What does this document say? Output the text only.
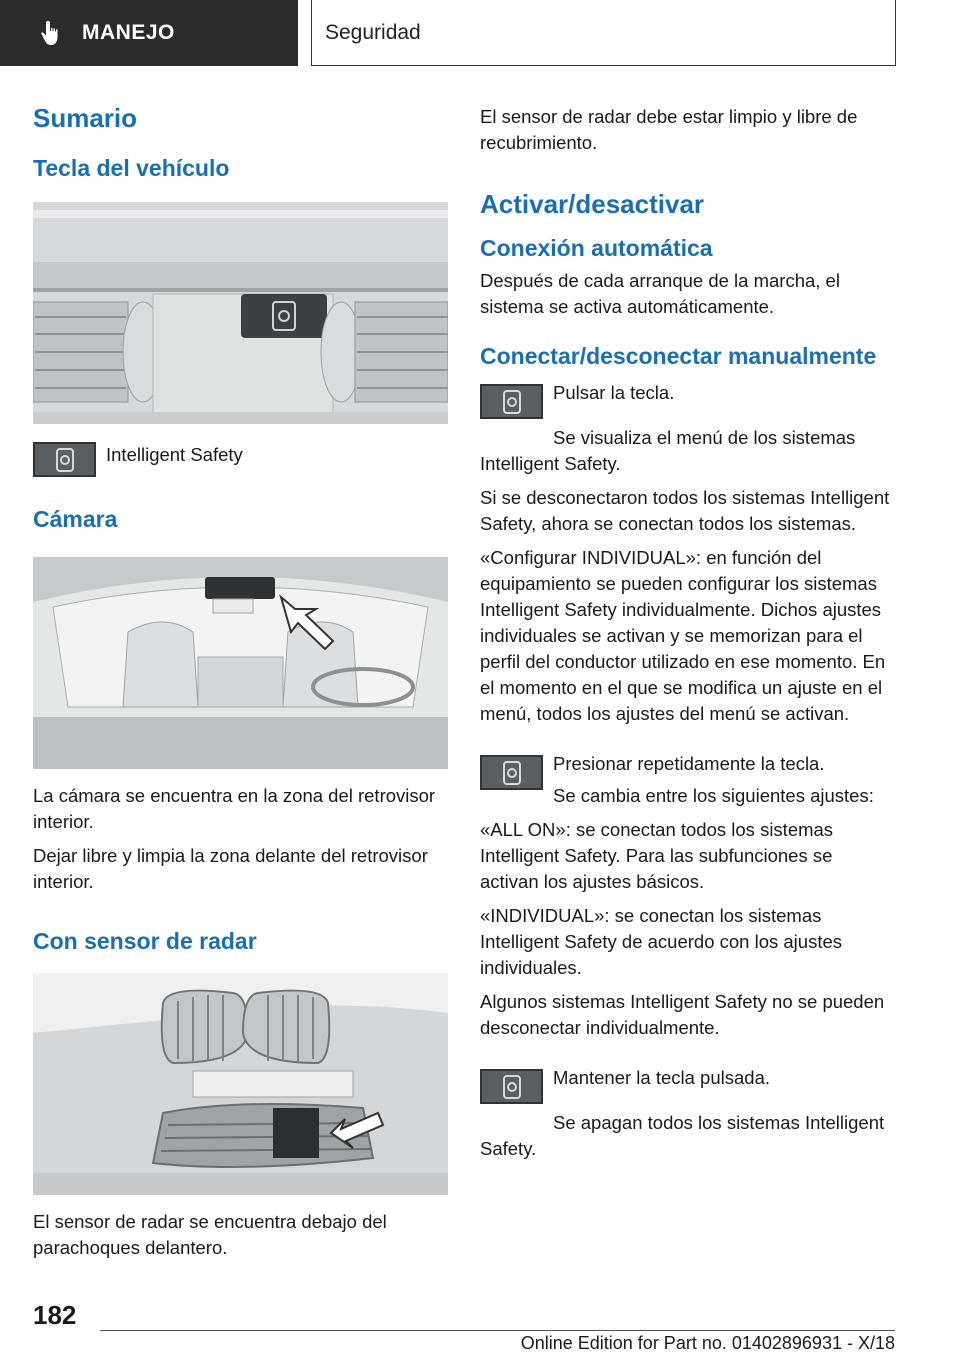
MANEJO	Seguridad
Sumario
Tecla del vehículo

Intelligent Safety

Cámara

La cámara se encuentra en la zona del retrovisor interior.

Dejar libre y limpia la zona delante del retrovisor interior.

Con sensor de radar

El sensor de radar se encuentra debajo del parachoques delantero.

El sensor de radar debe estar limpio y libre de recubrimiento.

Activar/desactivar
Conexión automática

Después de cada arranque de la marcha, el sistema se activa automáticamente.

Conectar/desconectar manualmente

Pulsar la tecla.

Se visualiza el menú de los sistemas Intelligent Safety.

Si se desconectaron todos los sistemas Intelligent Safety, ahora se conectan todos los sistemas.

«Configurar INDIVIDUAL»: en función del equipamiento se pueden configurar los sistemas Intelligent Safety individualmente. Dichos ajustes individuales se activan y se memorizan para el perfil del conductor utilizado en ese momento. En el momento en el que se modifica un ajuste en el menú, todos los ajustes del menú se activan.

Presionar repetidamente la tecla.

Se cambia entre los siguientes ajustes:

«ALL ON»: se conectan todos los sistemas Intelligent Safety. Para las subfunciones se activan los ajustes básicos.

«INDIVIDUAL»: se conectan los sistemas Intelligent Safety de acuerdo con los ajustes individuales.

Algunos sistemas Intelligent Safety no se pueden desconectar individualmente.

Mantener la tecla pulsada.

Se apagan todos los sistemas Intelligent Safety.

182
Online Edition for Part no. 01402896931 - X/18
